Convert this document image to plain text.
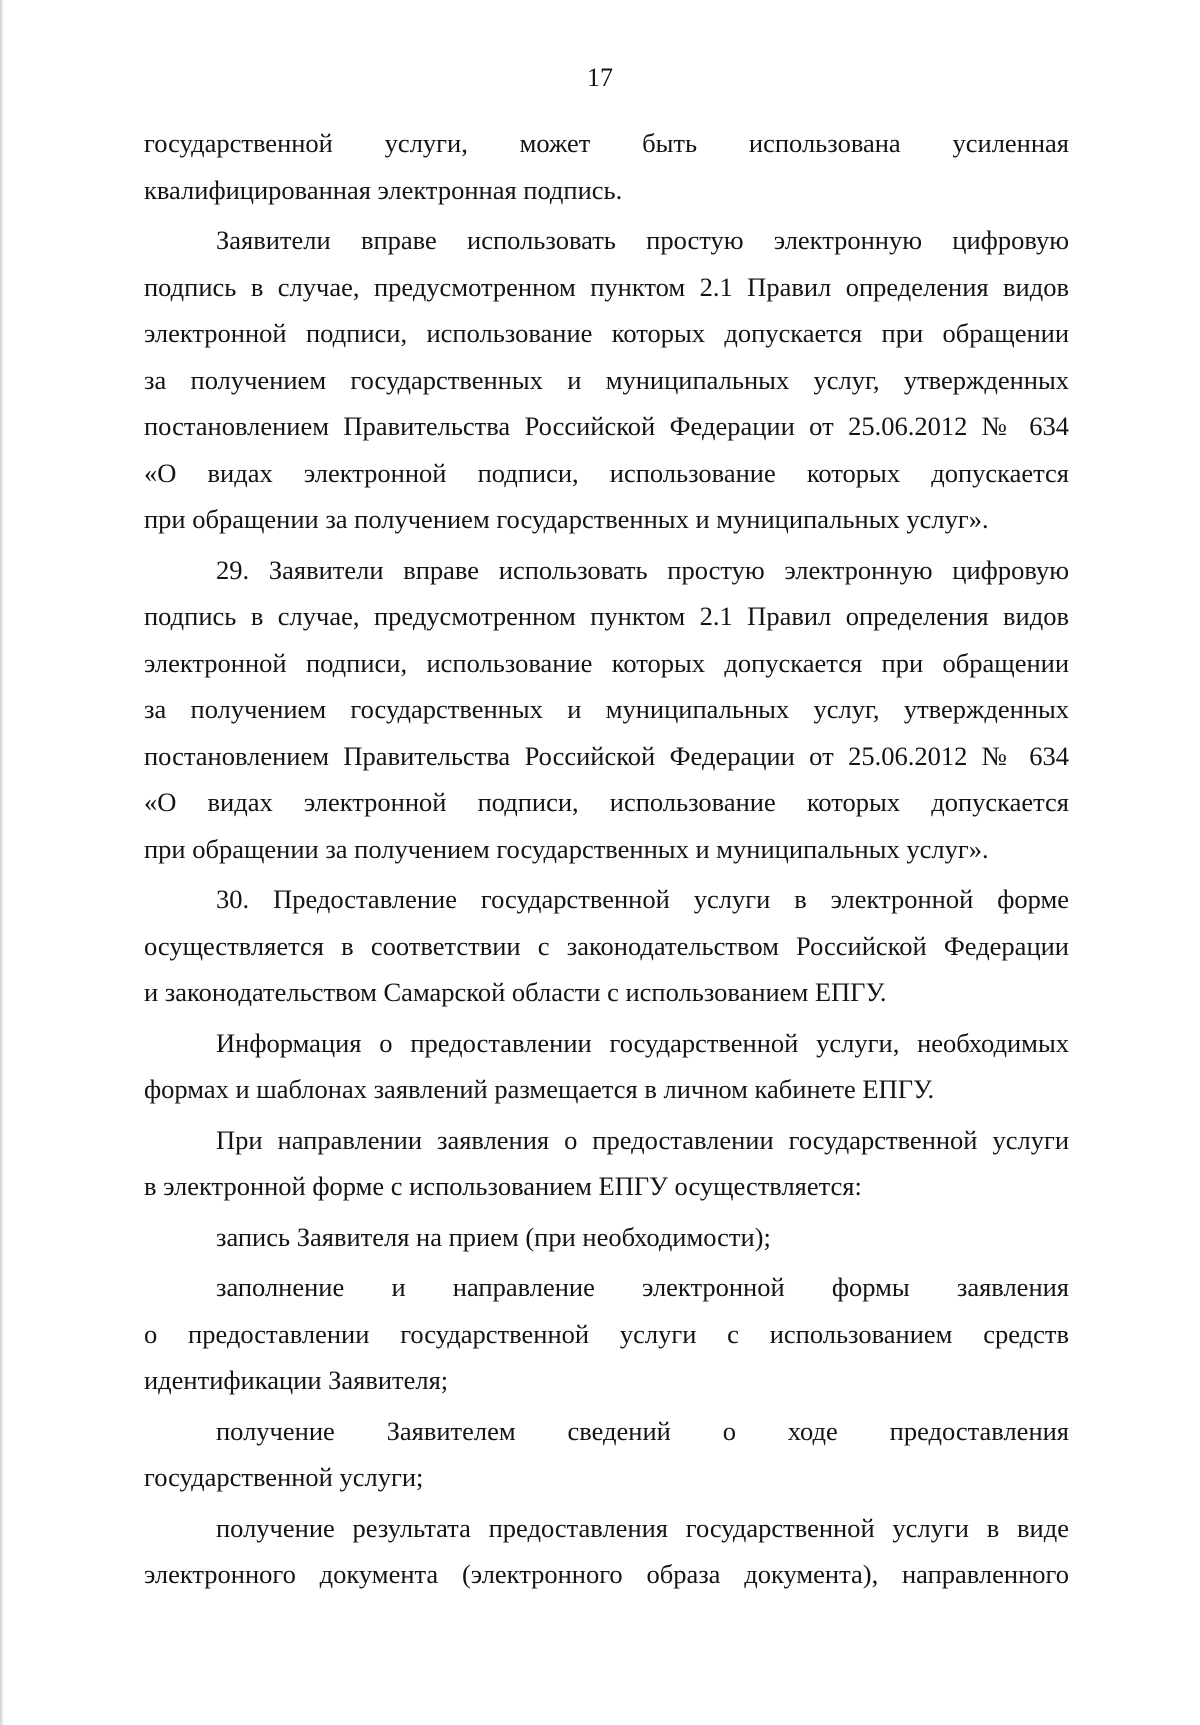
17
государственной услуги, может быть использована усиленная
квалифицированная электронная подпись.
Заявители вправе использовать простую электронную цифровую
подпись в случае, предусмотренном пунктом 2.1 Правил определения видов
электронной подписи, использование которых допускается при обращении
за получением государственных и муниципальных услуг, утвержденных
постановлением Правительства Российской Федерации от 25.06.2012 № 634
«О видах электронной подписи, использование которых допускается
при обращении за получением государственных и муниципальных услуг».
29. Заявители вправе использовать простую электронную цифровую
подпись в случае, предусмотренном пунктом 2.1 Правил определения видов
электронной подписи, использование которых допускается при обращении
за получением государственных и муниципальных услуг, утвержденных
постановлением Правительства Российской Федерации от 25.06.2012 № 634
«О видах электронной подписи, использование которых допускается
при обращении за получением государственных и муниципальных услуг».
30. Предоставление государственной услуги в электронной форме
осуществляется в соответствии с законодательством Российской Федерации
и законодательством Самарской области с использованием ЕПГУ.
Информация о предоставлении государственной услуги, необходимых
формах и шаблонах заявлений размещается в личном кабинете ЕПГУ.
При направлении заявления о предоставлении государственной услуги
в электронной форме с использованием ЕПГУ осуществляется:
запись Заявителя на прием (при необходимости);
заполнение и направление электронной формы заявления
о предоставлении государственной услуги с использованием средств
идентификации Заявителя;
получение Заявителем сведений о ходе предоставления
государственной услуги;
получение результата предоставления государственной услуги в виде
электронного документа (электронного образа документа), направленного
